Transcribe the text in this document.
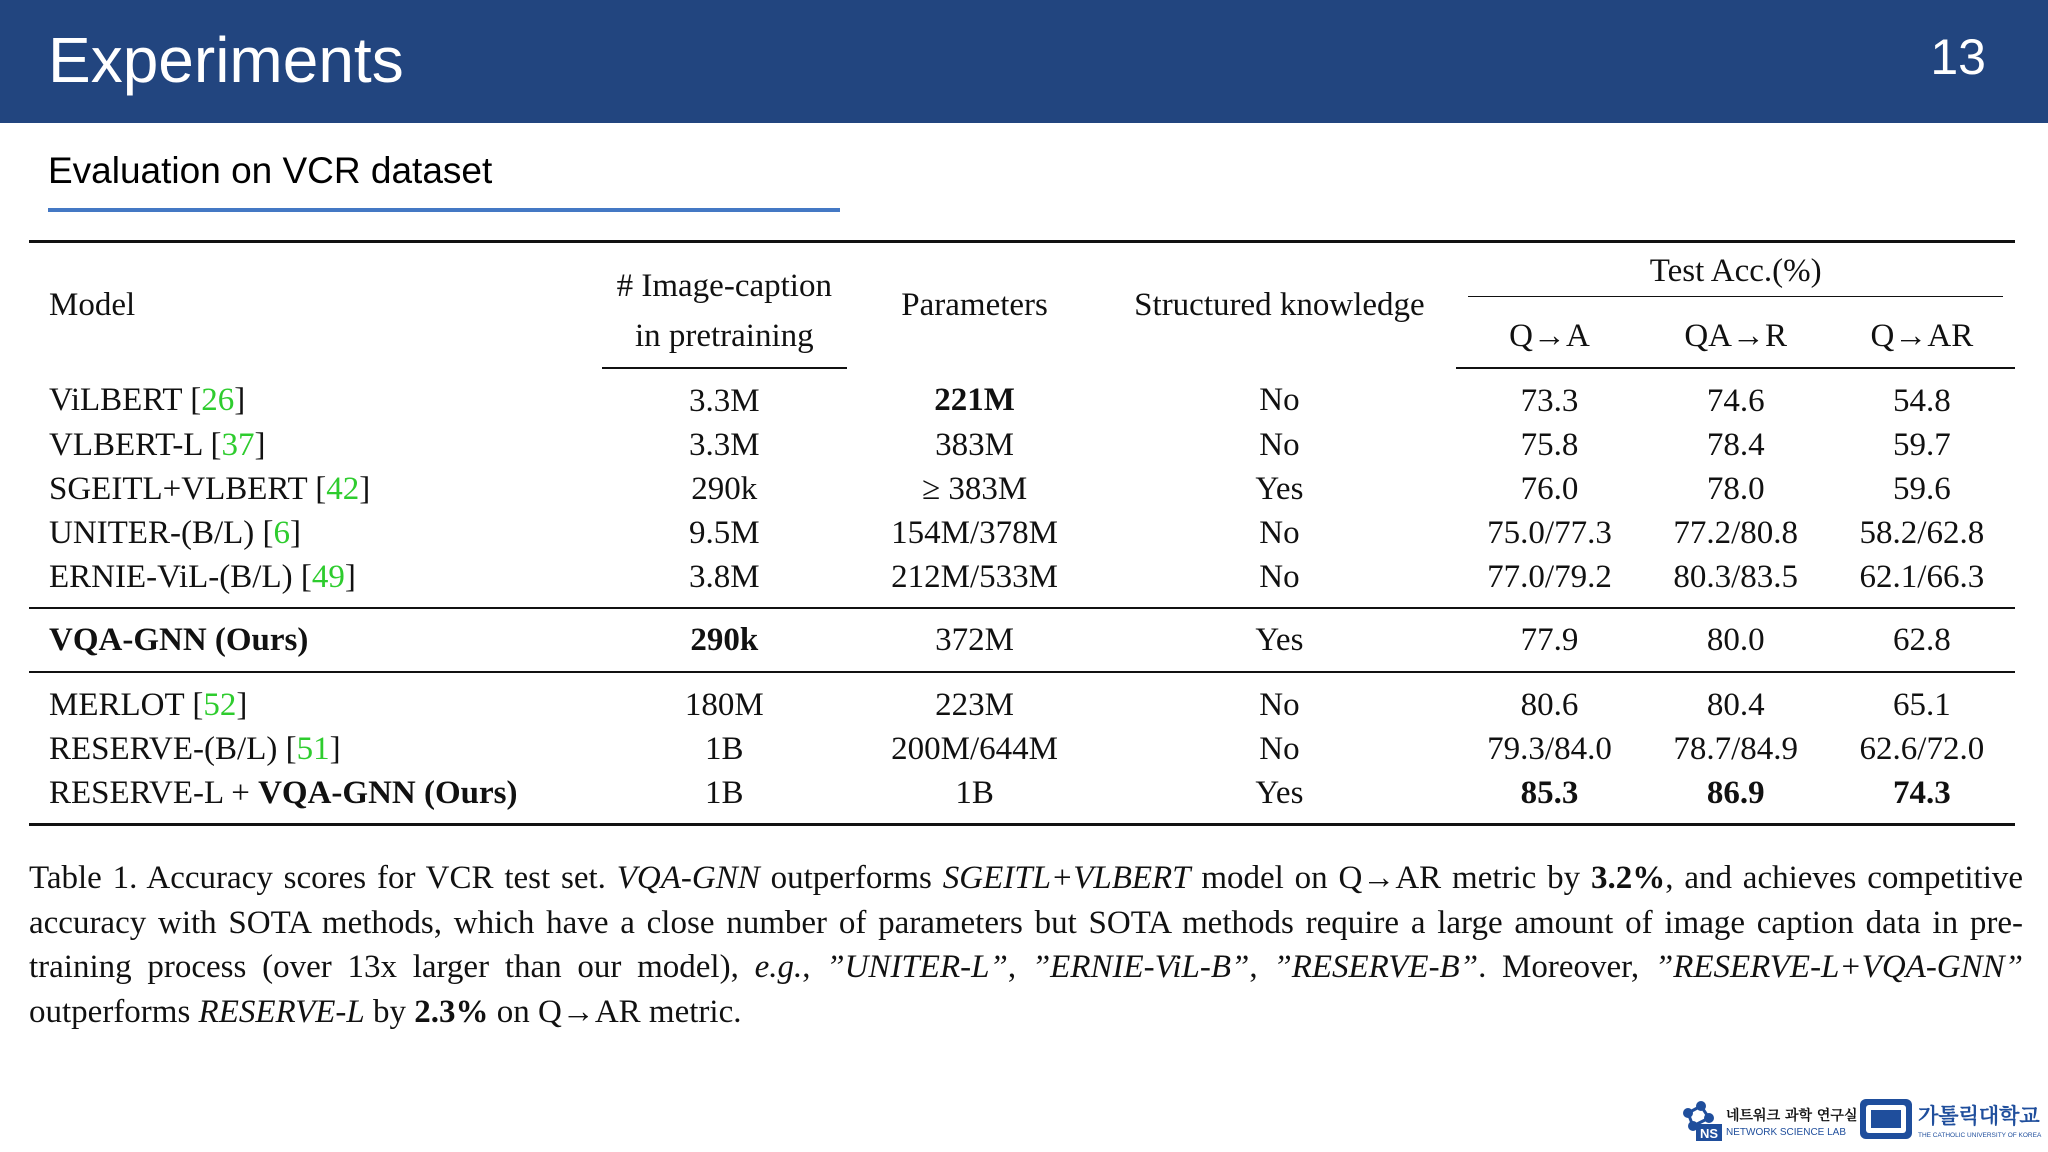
Experiments	13
Evaluation on VCR dataset
Model	# Image-caption	Parameters	Structured knowledge	Test Acc.(%)		

	in pretraining			Q→A	QA→R	Q→AR
ViLBERT [26]	3.3M	221M	No	73.3	74.6	54.8
VLBERT-L [37]	3.3M	383M	No	75.8	78.4	59.7
SGEITL+VLBERT [42]	290k	≥ 383M	Yes	76.0	78.0	59.6
UNITER-(B/L) [6]	9.5M	154M/378M	No	75.0/77.3	77.2/80.8	58.2/62.8
ERNIE-ViL-(B/L) [49]	3.8M	212M/533M	No	77.0/79.2	80.3/83.5	62.1/66.3
VQA-GNN (Ours)	290k	372M	Yes	77.9	80.0	62.8
MERLOT [52]	180M	223M	No	80.6	80.4	65.1
RESERVE-(B/L) [51]	1B	200M/644M	No	79.3/84.0	78.7/84.9	62.6/72.0
RESERVE-L + VQA-GNN (Ours)	1B	1B	Yes	85.3	86.9	74.3
Table 1. Accuracy scores for VCR test set. VQA-GNN outperforms SGEITL+VLBERT model on Q→AR metric by 3.2%, and achieves competitive accuracy with SOTA methods, which have a close number of parameters but SOTA methods require a large amount of image caption data in pre-training process (over 13x larger than our model), e.g., ”UNITER-L”, ”ERNIE-ViL-B”, ”RESERVE-B”. Moreover, ”RESERVE-L+VQA-GNN” outperforms RESERVE-L by 2.3% on Q→AR metric.
NS
네트워크 과학 연구실
NETWORK SCIENCE LAB
가톨릭대학교
THE CATHOLIC UNIVERSITY OF KOREA
